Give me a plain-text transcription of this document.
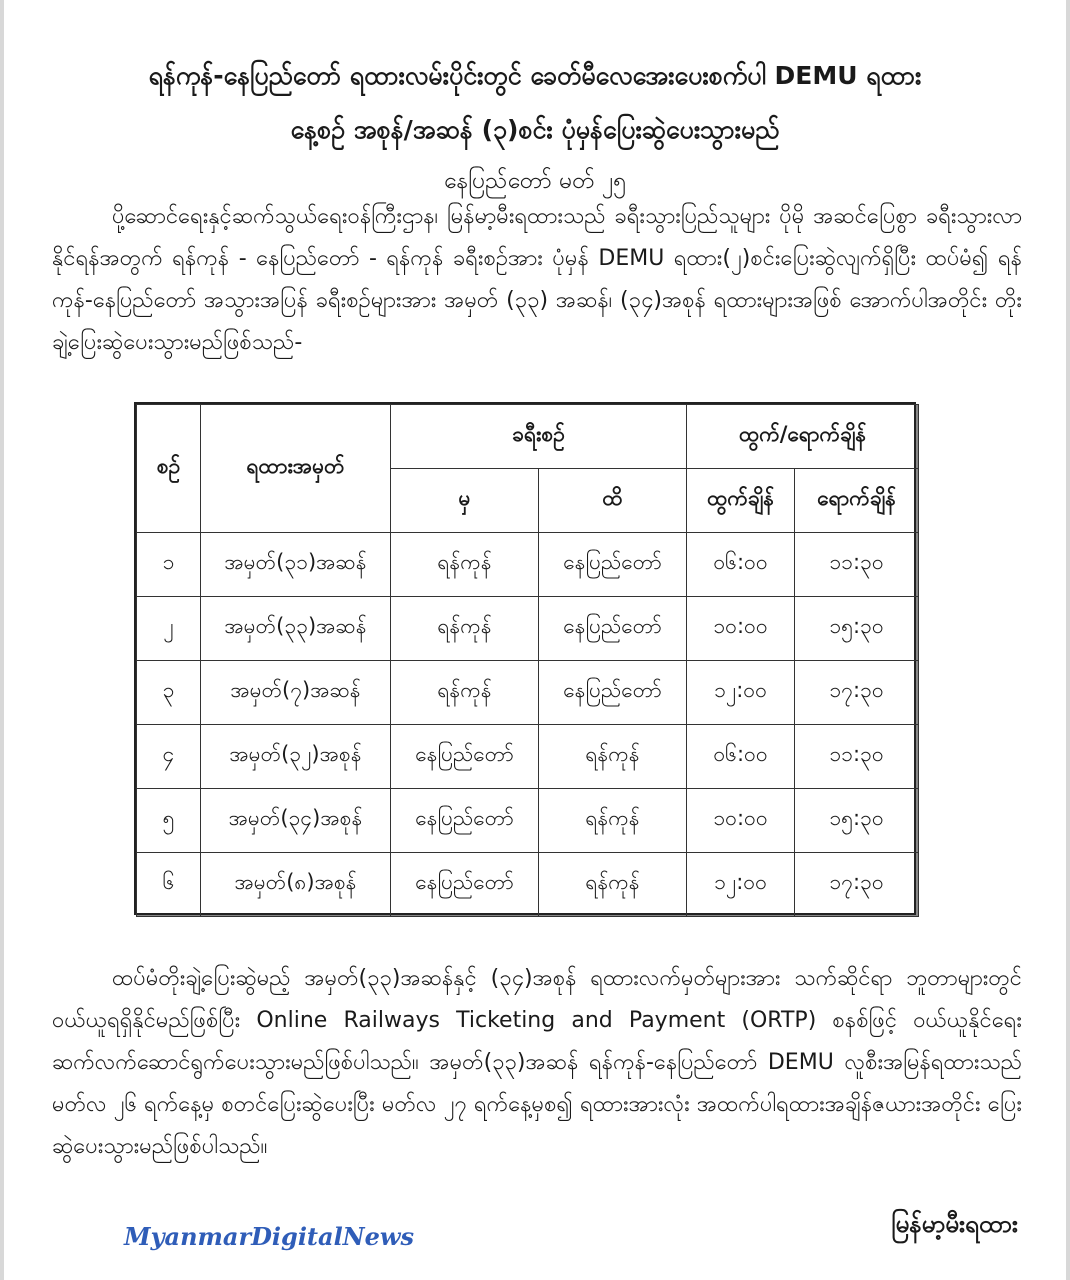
ရန်ကုန်-နေပြည်တော် ရထားလမ်းပိုင်းတွင် ခေတ်မီလေအေးပေးစက်ပါ DEMU ရထား
နေ့စဉ် အစုန်/အဆန် (၃)စင်း ပုံမှန်ပြေးဆွဲပေးသွားမည်
နေပြည်တော် မတ် ၂၅
ပို့ဆောင်ရေးနှင့်ဆက်သွယ်ရေးဝန်ကြီးဌာန၊ မြန်မာ့မီးရထားသည် ခရီးသွားပြည်သူများ ပိုမို အဆင်ပြေစွာ ခရီးသွားလာနိုင်ရန်အတွက် ရန်ကုန် - နေပြည်တော် - ရန်ကုန် ခရီးစဉ်အား ပုံမှန် DEMU ရထား(၂)စင်းပြေးဆွဲလျက်ရှိပြီး ထပ်မံ၍ ရန်ကုန်-နေပြည်တော် အသွားအပြန် ခရီးစဉ်များအား အမှတ် (၃၃) အဆန်၊ (၃၄)အစုန် ရထားများအဖြစ် အောက်ပါအတိုင်း တိုးချဲ့ပြေးဆွဲပေးသွားမည်ဖြစ်သည်-
စဉ်	ရထားအမှတ်	ခရီးစဉ်		ထွက်/ရောက်ချိန်	
		မှ	ထိ	ထွက်ချိန်	ရောက်ချိန်
၁	အမှတ်(၃၁)အဆန်	ရန်ကုန်	နေပြည်တော်	၀၆:၀၀	၁၁:၃၀
၂	အမှတ်(၃၃)အဆန်	ရန်ကုန်	နေပြည်တော်	၁၀:၀၀	၁၅:၃၀
၃	အမှတ်(၇)အဆန်	ရန်ကုန်	နေပြည်တော်	၁၂:၀၀	၁၇:၃၀
၄	အမှတ်(၃၂)အစုန်	နေပြည်တော်	ရန်ကုန်	၀၆:၀၀	၁၁:၃၀
၅	အမှတ်(၃၄)အစုန်	နေပြည်တော်	ရန်ကုန်	၁၀:၀၀	၁၅:၃၀
၆	အမှတ်(၈)အစုန်	နေပြည်တော်	ရန်ကုန်	၁၂:၀၀	၁၇:၃၀
ထပ်မံတိုးချဲ့ပြေးဆွဲမည့် အမှတ်(၃၃)အဆန်နှင့် (၃၄)အစုန် ရထားလက်မှတ်များအား သက်ဆိုင်ရာ ဘူတာများတွင် ဝယ်ယူရရှိနိုင်မည်ဖြစ်ပြီး Online Railways Ticketing and Payment (ORTP) စနစ်ဖြင့် ဝယ်ယူနိုင်ရေး ဆက်လက်ဆောင်ရွက်ပေးသွားမည်ဖြစ်ပါသည်။ အမှတ်(၃၃)အဆန် ရန်ကုန်-နေပြည်တော် DEMU လူစီးအမြန်ရထားသည် မတ်လ ၂၆ ရက်နေ့မှ စတင်ပြေးဆွဲပေးပြီး မတ်လ ၂၇ ရက်နေ့မှစ၍ ရထားအားလုံး အထက်ပါရထားအချိန်ဇယားအတိုင်း ပြေးဆွဲပေးသွားမည်ဖြစ်ပါသည်။
MyanmarDigitalNews	မြန်မာ့မီးရထား
